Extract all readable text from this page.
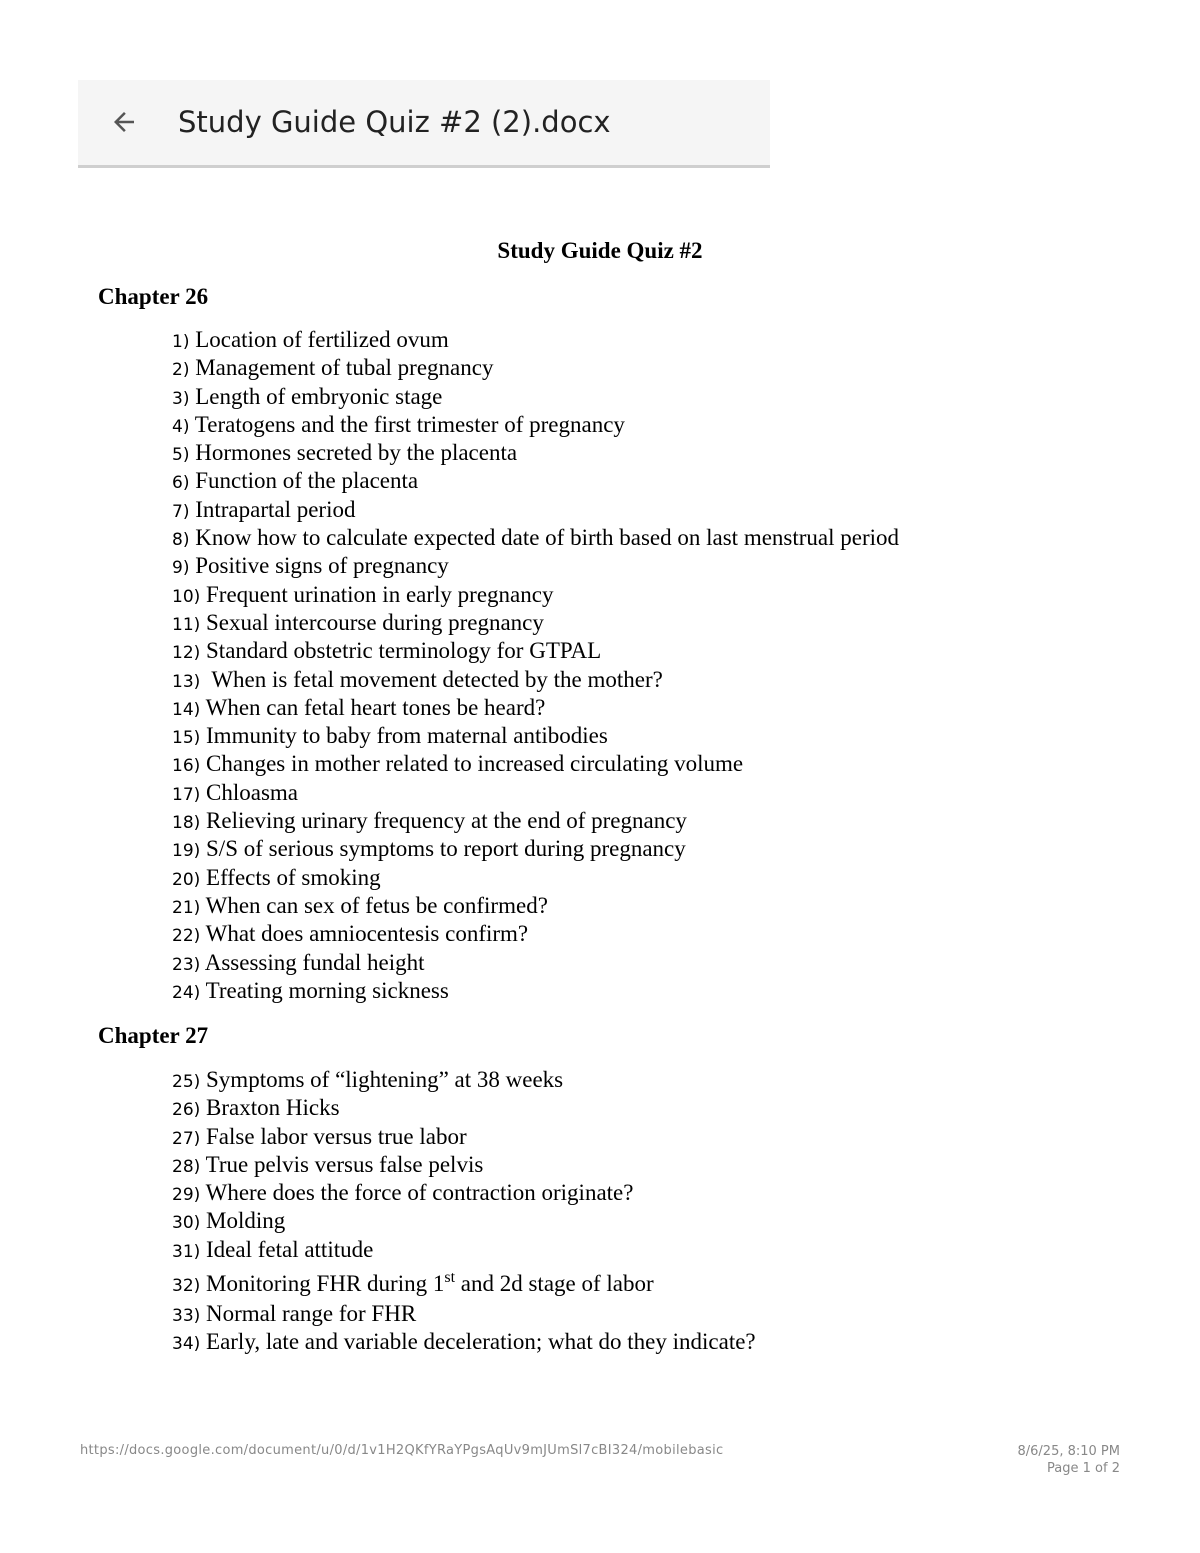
Study Guide Quiz #2 (2).docx
Study Guide Quiz #2
Chapter 26
1) Location of fertilized ovum
2) Management of tubal pregnancy
3) Length of embryonic stage
4) Teratogens and the first trimester of pregnancy
5) Hormones secreted by the placenta
6) Function of the placenta
7) Intrapartal period
8) Know how to calculate expected date of birth based on last menstrual period
9) Positive signs of pregnancy
10) Frequent urination in early pregnancy
11) Sexual intercourse during pregnancy
12) Standard obstetric terminology for GTPAL
13)  When is fetal movement detected by the mother?
14) When can fetal heart tones be heard?
15) Immunity to baby from maternal antibodies
16) Changes in mother related to increased circulating volume
17) Chloasma
18) Relieving urinary frequency at the end of pregnancy
19) S/S of serious symptoms to report during pregnancy
20) Effects of smoking
21) When can sex of fetus be confirmed?
22) What does amniocentesis confirm?
23) Assessing fundal height
24) Treating morning sickness
Chapter 27
25) Symptoms of “lightening” at 38 weeks
26) Braxton Hicks
27) False labor versus true labor
28) True pelvis versus false pelvis
29) Where does the force of contraction originate?
30) Molding
31) Ideal fetal attitude
32) Monitoring FHR during 1st and 2d stage of labor
33) Normal range for FHR
34) Early, late and variable deceleration; what do they indicate?
https://docs.google.com/document/u/0/d/1v1H2QKfYRaYPgsAqUv9mJUmSl7cBI324/mobilebasic	8/6/25, 8:10 PM
Page 1 of 2
